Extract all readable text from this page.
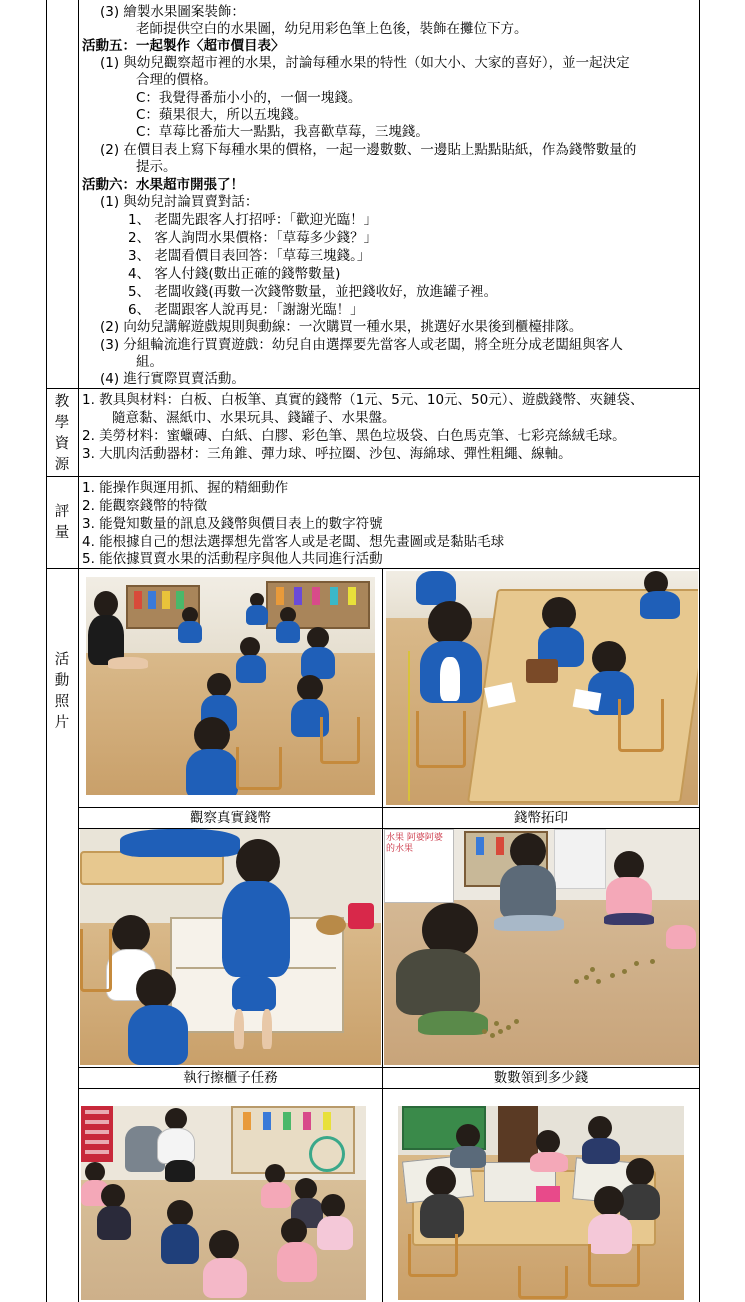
(3) 繪製水果圖案裝飾：
老師提供空白的水果圖，幼兒用彩色筆上色後，裝飾在攤位下方。
活動五：一起製作〈超市價目表〉
(1) 與幼兒觀察超市裡的水果，討論每種水果的特性（如大小、大家的喜好），並一起決定
合理的價格。
C：我覺得番茄小小的，一個一塊錢。
C：蘋果很大，所以五塊錢。
C：草莓比番茄大一點點，我喜歡草莓，三塊錢。
(2) 在價目表上寫下每種水果的價格，一起一邊數數、一邊貼上點點貼紙，作為錢幣數量的
提示。
活動六：水果超市開張了！
(1) 與幼兒討論買賣對話：
1、 老闆先跟客人打招呼：「歡迎光臨！」
2、 客人詢問水果價格：「草莓多少錢？」
3、 老闆看價目表回答：「草莓三塊錢。」
4、 客人付錢(數出正確的錢幣數量)
5、 老闆收錢(再數一次錢幣數量，並把錢收好，放進罐子裡。
6、 老闆跟客人說再見：「謝謝光臨！」
(2) 向幼兒講解遊戲規則與動線：一次購買一種水果，挑選好水果後到櫃檯排隊。
(3) 分組輪流進行買賣遊戲：幼兒自由選擇要先當客人或老闆，將全班分成老闆組與客人
組。
(4) 進行實際買賣活動。
教
學
資
源
1. 教具與材料：白板、白板筆、真實的錢幣（1元、5元、10元、50元）、遊戲錢幣、夾鏈袋、
隨意黏、濕紙巾、水果玩具、錢罐子、水果盤。
2. 美勞材料：蜜蠟磚、白紙、白膠、彩色筆、黑色垃圾袋、白色馬克筆、七彩亮絲絨毛球。
3. 大肌肉活動器材：三角錐、彈力球、呼拉圈、沙包、海綿球、彈性粗繩、線軸。
評
量
1. 能操作與運用抓、握的精細動作
2. 能觀察錢幣的特徵
3. 能覺知數量的訊息及錢幣與價目表上的數字符號
4. 能根據自己的想法選擇想先當客人或是老闆、想先畫圖或是黏貼毛球
5. 能依據買賣水果的活動程序與他人共同進行活動
活
動
照
片
觀察真實錢幣	錢幣拓印
水果 阿婆阿婆的水果
執行擦櫃子任務	數數領到多少錢
